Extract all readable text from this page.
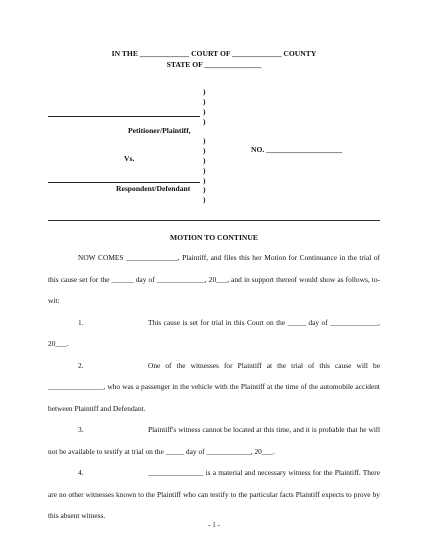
IN THE _____________ COURT OF _____________ COUNTY
STATE OF _______________
)
)
)
)
)
)
)
)
)
)
)
Petitioner/Plaintiff,
Vs.
Respondent/Defendant
NO. ____________________
MOTION TO CONTINUE

NOW COMES ______________, Plaintiff, and files this her Motion for Continuance in the trial of this cause set for the ______ day of _____________, 20___, and in support thereof would show as follows, to-wit:

1.	This cause is set for trial in this Court on the _____ day of _____________, 20___.

2.	One of the witnesses for Plaintiff at the trial of this cause will be _______________, who was a passenger in the vehicle with the Plaintiff at the time of the automobile accident between Plaintiff and Defendant.

3.	Plaintiff's witness cannot be located at this time, and it is probable that he will not be available to testify at trial on the _____ day of ____________, 20___.

4.	_______________ is a material and necessary witness for the Plaintiff. There are no other witnesses known to the Plaintiff who can testify to the particular facts Plaintiff expects to prove by this absent witness.

- 1 -
